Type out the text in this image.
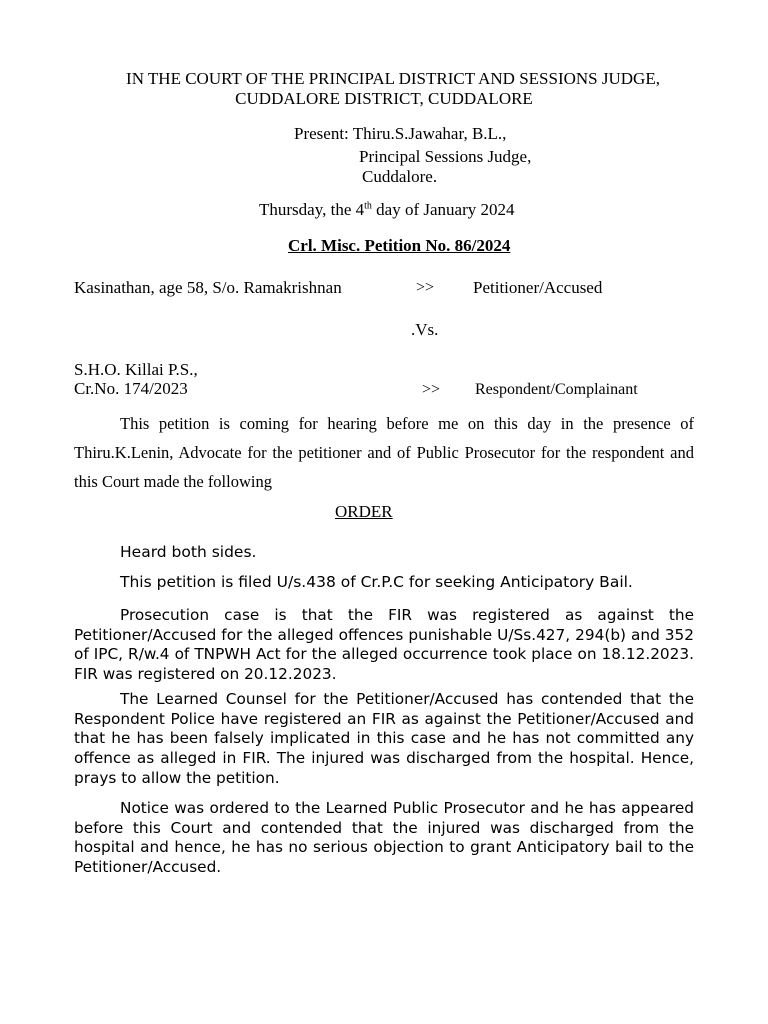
IN THE COURT OF THE PRINCIPAL DISTRICT AND SESSIONS JUDGE,
CUDDALORE DISTRICT, CUDDALORE
Present: Thiru.S.Jawahar, B.L.,
Principal Sessions Judge,
Cuddalore.
Thursday, the 4th day of January 2024
Crl. Misc. Petition No. 86/2024
Kasinathan, age 58, S/o. Ramakrishnan	>> Petitioner/Accused
.Vs.
S.H.O. Killai P.S.,
Cr.No. 174/2023	>> Respondent/Complainant
This petition is coming for hearing before me on this day in the presence of Thiru.K.Lenin, Advocate for the petitioner and of Public Prosecutor for the respondent and this Court made the following
ORDER
Heard both sides.
This petition is filed U/s.438 of Cr.P.C for seeking Anticipatory Bail.
Prosecution case is that the FIR was registered as against the Petitioner/Accused for the alleged offences punishable U/Ss.427, 294(b) and 352 of IPC, R/w.4 of TNPWH Act for the alleged occurrence took place on 18.12.2023. FIR was registered on 20.12.2023.
The Learned Counsel for the Petitioner/Accused has contended that the Respondent Police have registered an FIR as against the Petitioner/Accused and that he has been falsely implicated in this case and he has not committed any offence as alleged in FIR. The injured was discharged from the hospital. Hence, prays to allow the petition.
Notice was ordered to the Learned Public Prosecutor and he has appeared before this Court and contended that the injured was discharged from the hospital and hence, he has no serious objection to grant Anticipatory bail to the Petitioner/Accused.
